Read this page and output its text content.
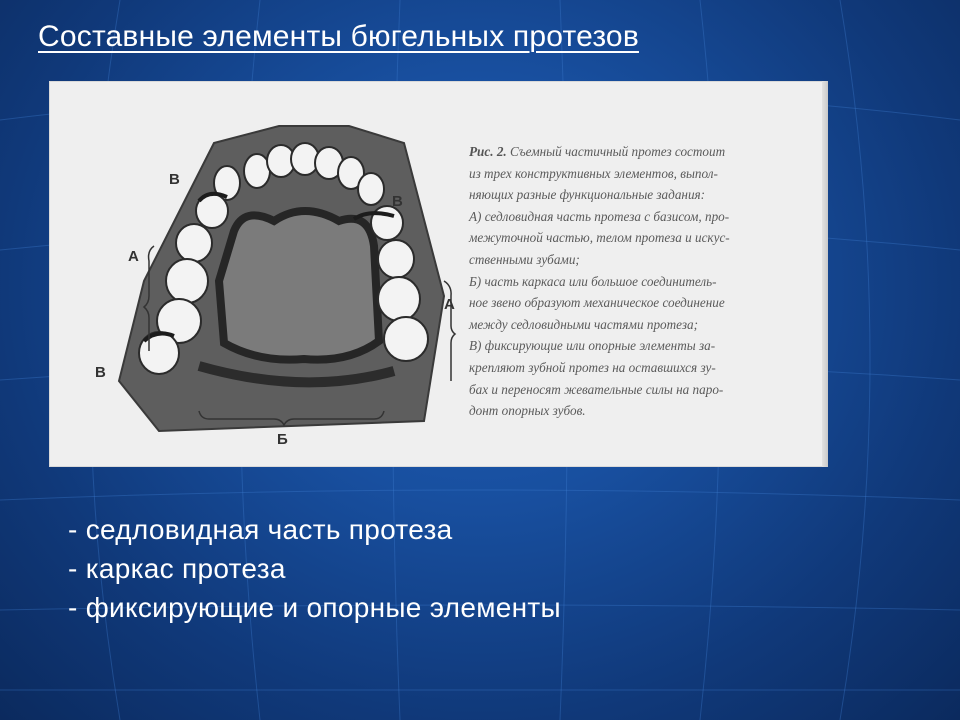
Составные элементы бюгельных протезов
В
В
А
А
В
Б
Рис. 2. Съемный частичный протез состоит
из трех конструктивных элементов, выпол-
няющих разные функциональные задания:
А) седловидная часть протеза с базисом, про-
межуточной частью, телом протеза и искус-
ственными зубами;
Б) часть каркаса или большое соединитель-
ное звено образуют механическое соединение
между седловидными частями протеза;
В) фиксирующие или опорные элементы за-
крепляют зубной протез на оставшихся зу-
бах и переносят жевательные силы на паро-
донт опорных зубов.
- седловидная часть протеза
- каркас протеза
- фиксирующие и опорные элементы
